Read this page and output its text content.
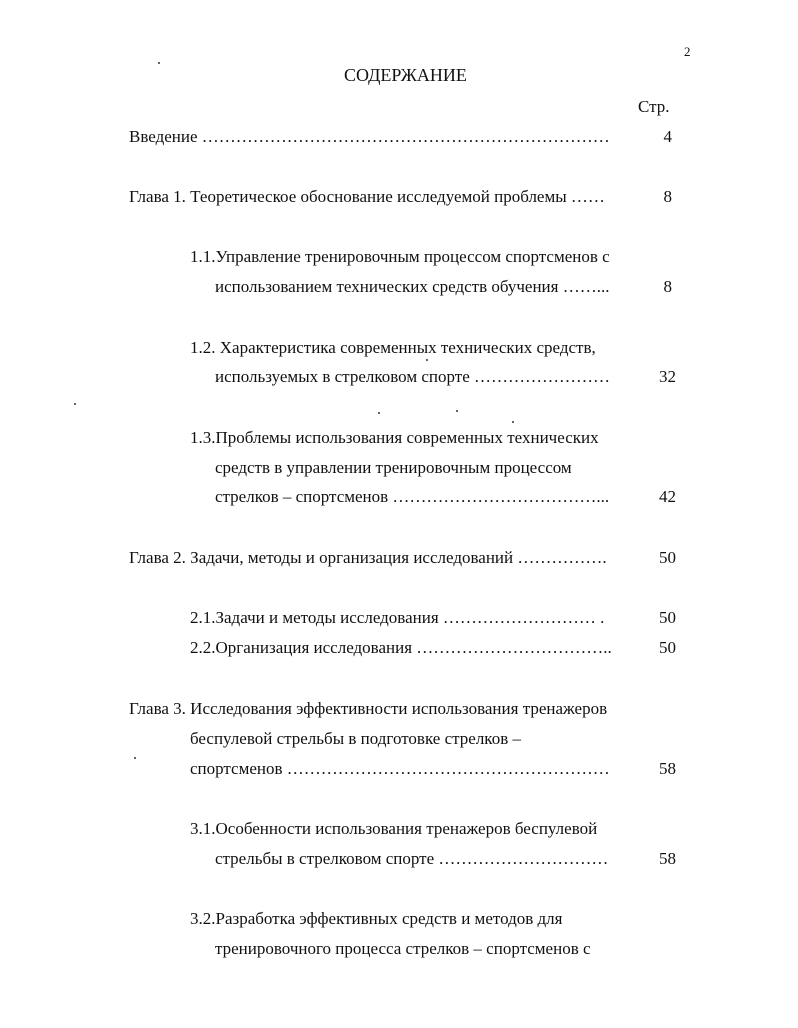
2
СОДЕРЖАНИЕ
Стр.
Введение ………………………………………………………………	4
Глава 1. Теоретическое обоснование исследуемой проблемы ……	8
1.1.Управление тренировочным процессом спортсменов с
использованием технических средств обучения ……...	8
1.2. Характеристика современных технических средств,
используемых в стрелковом спорте ……………………	32
1.3.Проблемы использования современных технических
средств в управлении тренировочным процессом
стрелков – спортсменов ………………………………...	42
Глава 2. Задачи, методы и организация исследований …………….	50
2.1.Задачи и методы исследования ……………………… .	50
2.2.Организация исследования ……………………………..	50
Глава 3. Исследования эффективности использования тренажеров
беспулевой стрельбы в подготовке стрелков –
спортсменов …………………………………………………	58
3.1.Особенности использования тренажеров беспулевой
стрельбы в стрелковом спорте …………………………	58
3.2.Разработка эффективных средств и методов для
тренировочного процесса стрелков – спортсменов с
